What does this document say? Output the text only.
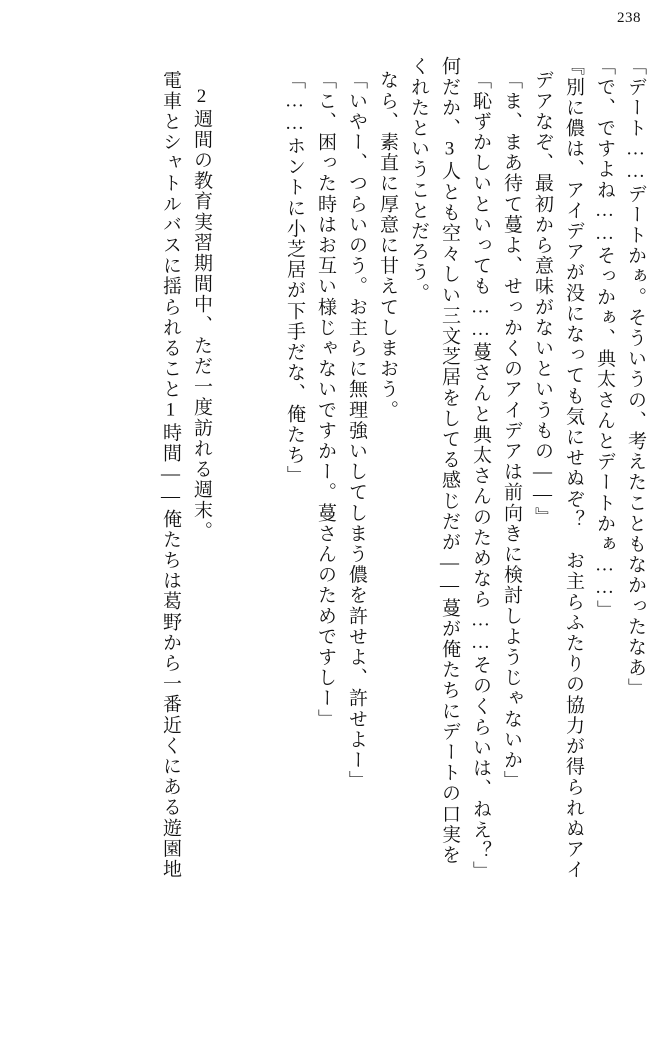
238
「デート……デートかぁ。そういうの、考えたこともなかったなあ」
「で、ですよね……そっかぁ、典太さんとデートかぁ……」
『別に儂は、アイデアが没になっても気にせぬぞ？　お主らふたりの協力が得られぬアイ
デアなぞ、最初から意味がないというもの――』
「ま、まあ待て蔓よ、せっかくのアイデアは前向きに検討しようじゃないか」
「恥ずかしいといっても……蔓さんと典太さんのためなら……そのくらいは、ねえ？」
何だか、3人とも空々しい三文芝居をしてる感じだが――蔓が俺たちにデートの口実を
くれたということだろう。
なら、素直に厚意に甘えてしまおう。
「いやー、つらいのう。お主らに無理強いしてしまう儂を許せよ、許せよー」
「こ、困った時はお互い様じゃないですかー。蔓さんのためですしー」
「……ホントに小芝居が下手だな、俺たち」
2週間の教育実習期間中、ただ一度訪れる週末。
電車とシャトルバスに揺られること1時間――俺たちは葛野から一番近くにある遊園地
